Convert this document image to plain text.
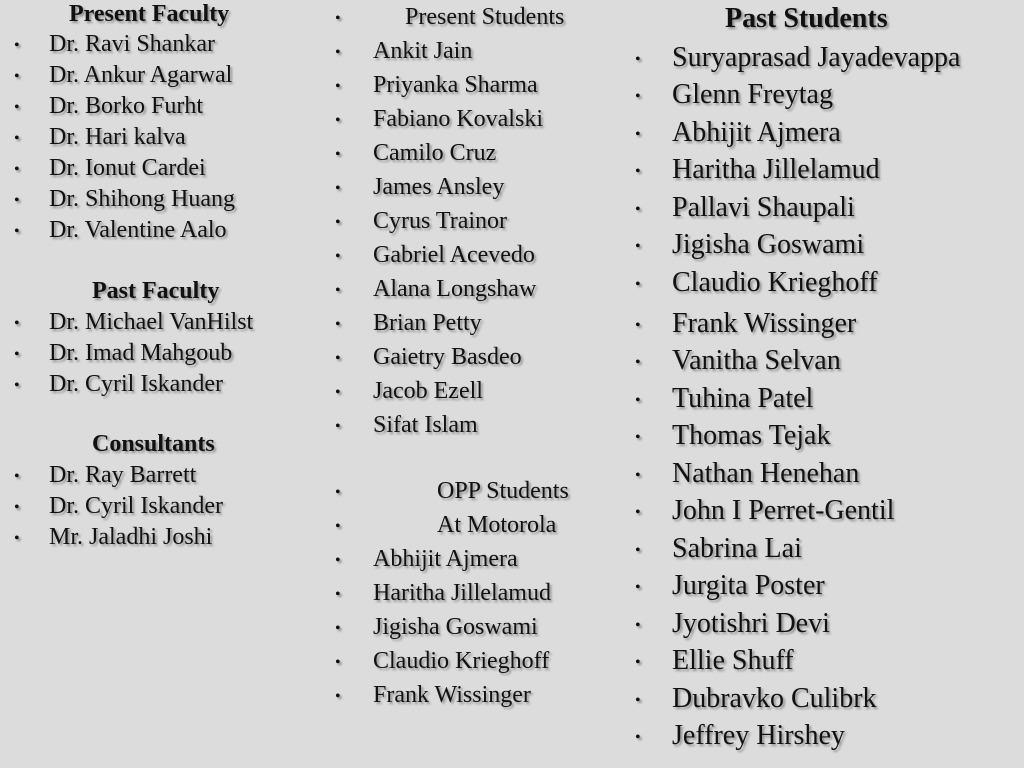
Present Faculty
• Dr. Ravi Shankar
• Dr. Ankur Agarwal
• Dr. Borko Furht
• Dr. Hari kalva
• Dr. Ionut Cardei
• Dr. Shihong Huang
• Dr. Valentine Aalo
Past Faculty
• Dr. Michael VanHilst
• Dr. Imad Mahgoub
• Dr. Cyril Iskander
Consultants
• Dr. Ray Barrett
• Dr. Cyril Iskander
• Mr. Jaladhi Joshi
•	Present Students
• Ankit Jain
• Priyanka Sharma
• Fabiano Kovalski
• Camilo Cruz
• James Ansley
• Cyrus Trainor
• Gabriel Acevedo
• Alana Longshaw
• Brian Petty
• Gaietry Basdeo
• Jacob Ezell
• Sifat Islam
•	OPP Students
•	At Motorola
• Abhijit Ajmera
• Haritha Jillelamud
• Jigisha Goswami
• Claudio Krieghoff
• Frank Wissinger
Past Students
• Suryaprasad Jayadevappa
• Glenn Freytag
• Abhijit Ajmera
• Haritha Jillelamud
• Pallavi Shaupali
• Jigisha Goswami
• Claudio Krieghoff
• Frank Wissinger
• Vanitha Selvan
• Tuhina Patel
• Thomas Tejak
• Nathan Henehan
• John I Perret-Gentil
• Sabrina Lai
• Jurgita Poster
• Jyotishri Devi
• Ellie Shuff
• Dubravko Culibrk
• Jeffrey Hirshey
